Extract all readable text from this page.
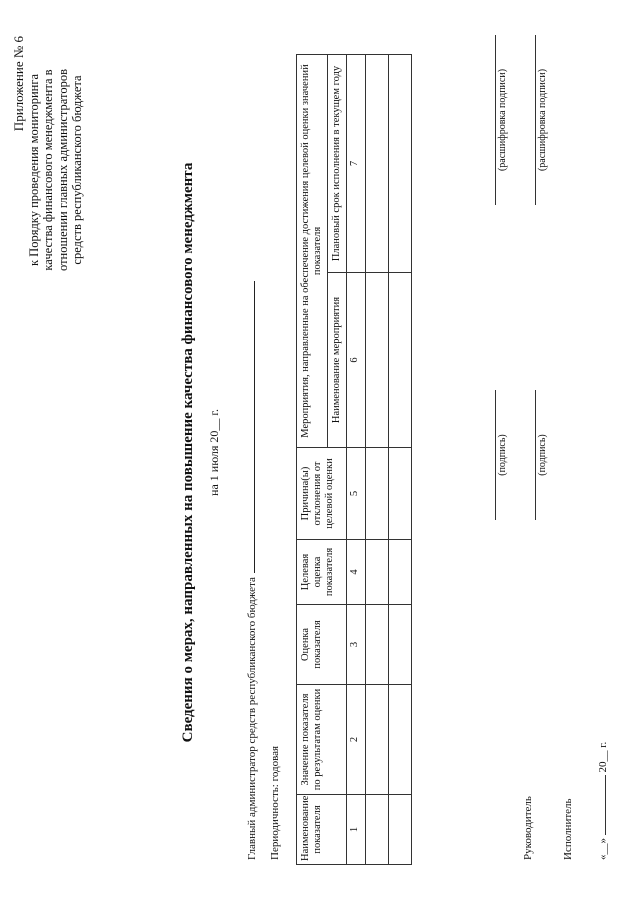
Приложение № 6 к Порядку проведения мониторинга качества финансового менеджмента в отношении главных администраторов средств республиканского бюджета	Сведения о мерах, направленных на повышение качества финансового менеджмента на 1 июля 20__ г.
Главный администратор средств республиканского бюджета Периодичность: годовая Наименование показателя	Значение показателя по результатам оценки	Оценка показателя	Целевая оценка показателя	Причина(ы) отклонения от целевой оценки	Мероприятия, направленные на обеспечение достижения целевой оценки значений показателя	
					Наименование мероприятия	Плановый срок исполнения в текущем году
1	2	3	4	5	6	7

Руководитель
(подпись)
(расшифровка подписи)
Исполнитель
(подпись)
(расшифровка подписи)
«__»  20__ г.
